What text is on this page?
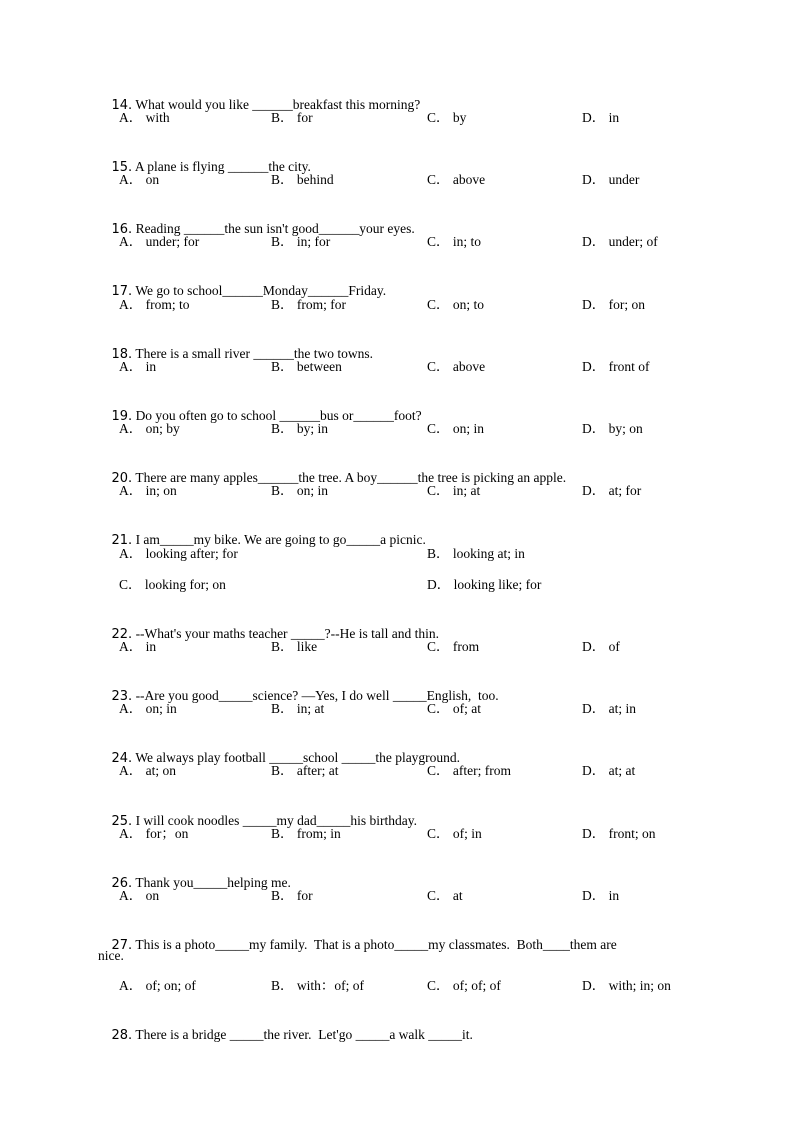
14. What would you like ______breakfast this morning?

A． with	B． for	C． by	D． in

15. A plane is flying ______the city.

A． on	B． behind	C． above	D． under

16. Reading ______the sun isn't good______your eyes.

A． under; for	B． in; for	C． in; to	D． under; of

17. We go to school______Monday______Friday.

A． from; to	B． from; for	C． on; to	D． for; on

18. There is a small river ______the two towns.

A． in	B． between	C． above	D． front of

19. Do you often go to school ______bus or______foot?

A． on; by	B． by; in	C． on; in	D． by; on

20. There are many apples______the tree. A boy______the tree is picking an apple.

A． in; on	B． on; in	C． in; at	D． at; for

21. I am_____my bike. We are going to go_____a picnic.

A． looking after; for	B． looking at; in
C． looking for; on	D． looking like; for

22. --What's your maths teacher _____?--He is tall and thin.

A． in	B． like	C． from	D． of

23. --Are you good_____science? —Yes, I do well _____English,  too.

A． on; in	B． in; at	C． of; at	D． at; in

24. We always play football _____school _____the playground.

A． at; on	B． after; at	C． after; from	D． at; at

25. I will cook noodles _____my dad_____his birthday.

A． for；on	B． from; in	C． of; in	D． front; on

26. Thank you_____helping me.

A． on	B． for	C． at	D． in

27. This is a photo_____my family.  That is a photo_____my classmates.  Both____them are

nice.
A． of; on; of	B． with：of; of	C． of; of; of	D． with; in; on

28. There is a bridge _____the river.  Let'go _____a walk _____it.
